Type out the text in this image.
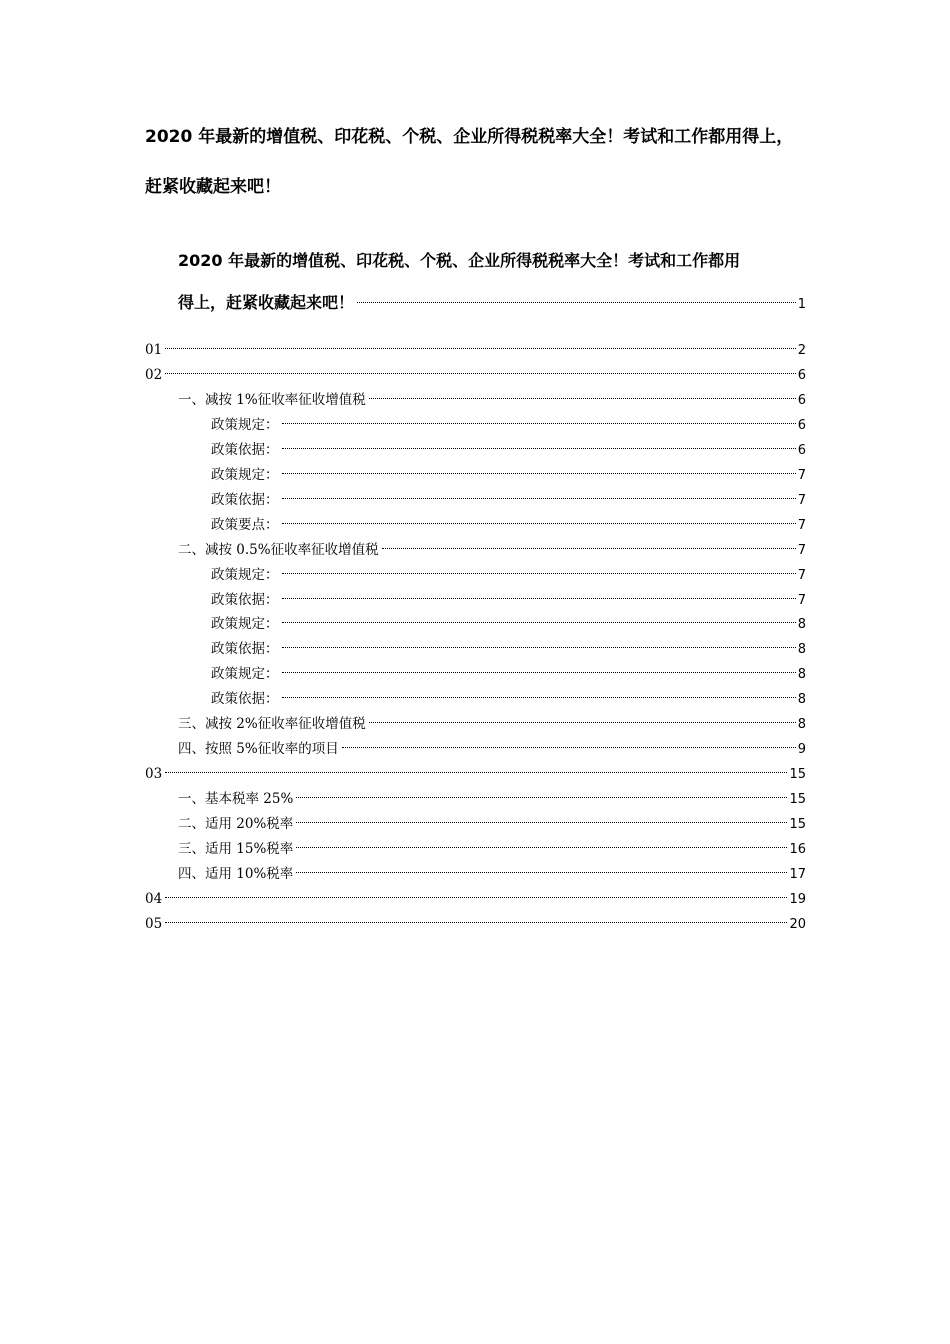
2020 年最新的增值税、印花税、个税、企业所得税税率大全！考试和工作都用得上，赶紧收藏起来吧！
2020 年最新的增值税、印花税、个税、企业所得税税率大全！考试和工作都用
得上，赶紧收藏起来吧！	1
01	2
02	6
一、减按 1%征收率征收增值税	6
政策规定：	6
政策依据：	6
政策规定：	7
政策依据：	7
政策要点：	7
二、减按 0.5%征收率征收增值税	7
政策规定：	7
政策依据：	7
政策规定：	8
政策依据：	8
政策规定：	8
政策依据：	8
三、减按 2%征收率征收增值税	8
四、按照 5%征收率的项目	9
03	15
一、基本税率 25%	15
二、适用 20%税率	15
三、适用 15%税率	16
四、适用 10%税率	17
04	19
05	20
